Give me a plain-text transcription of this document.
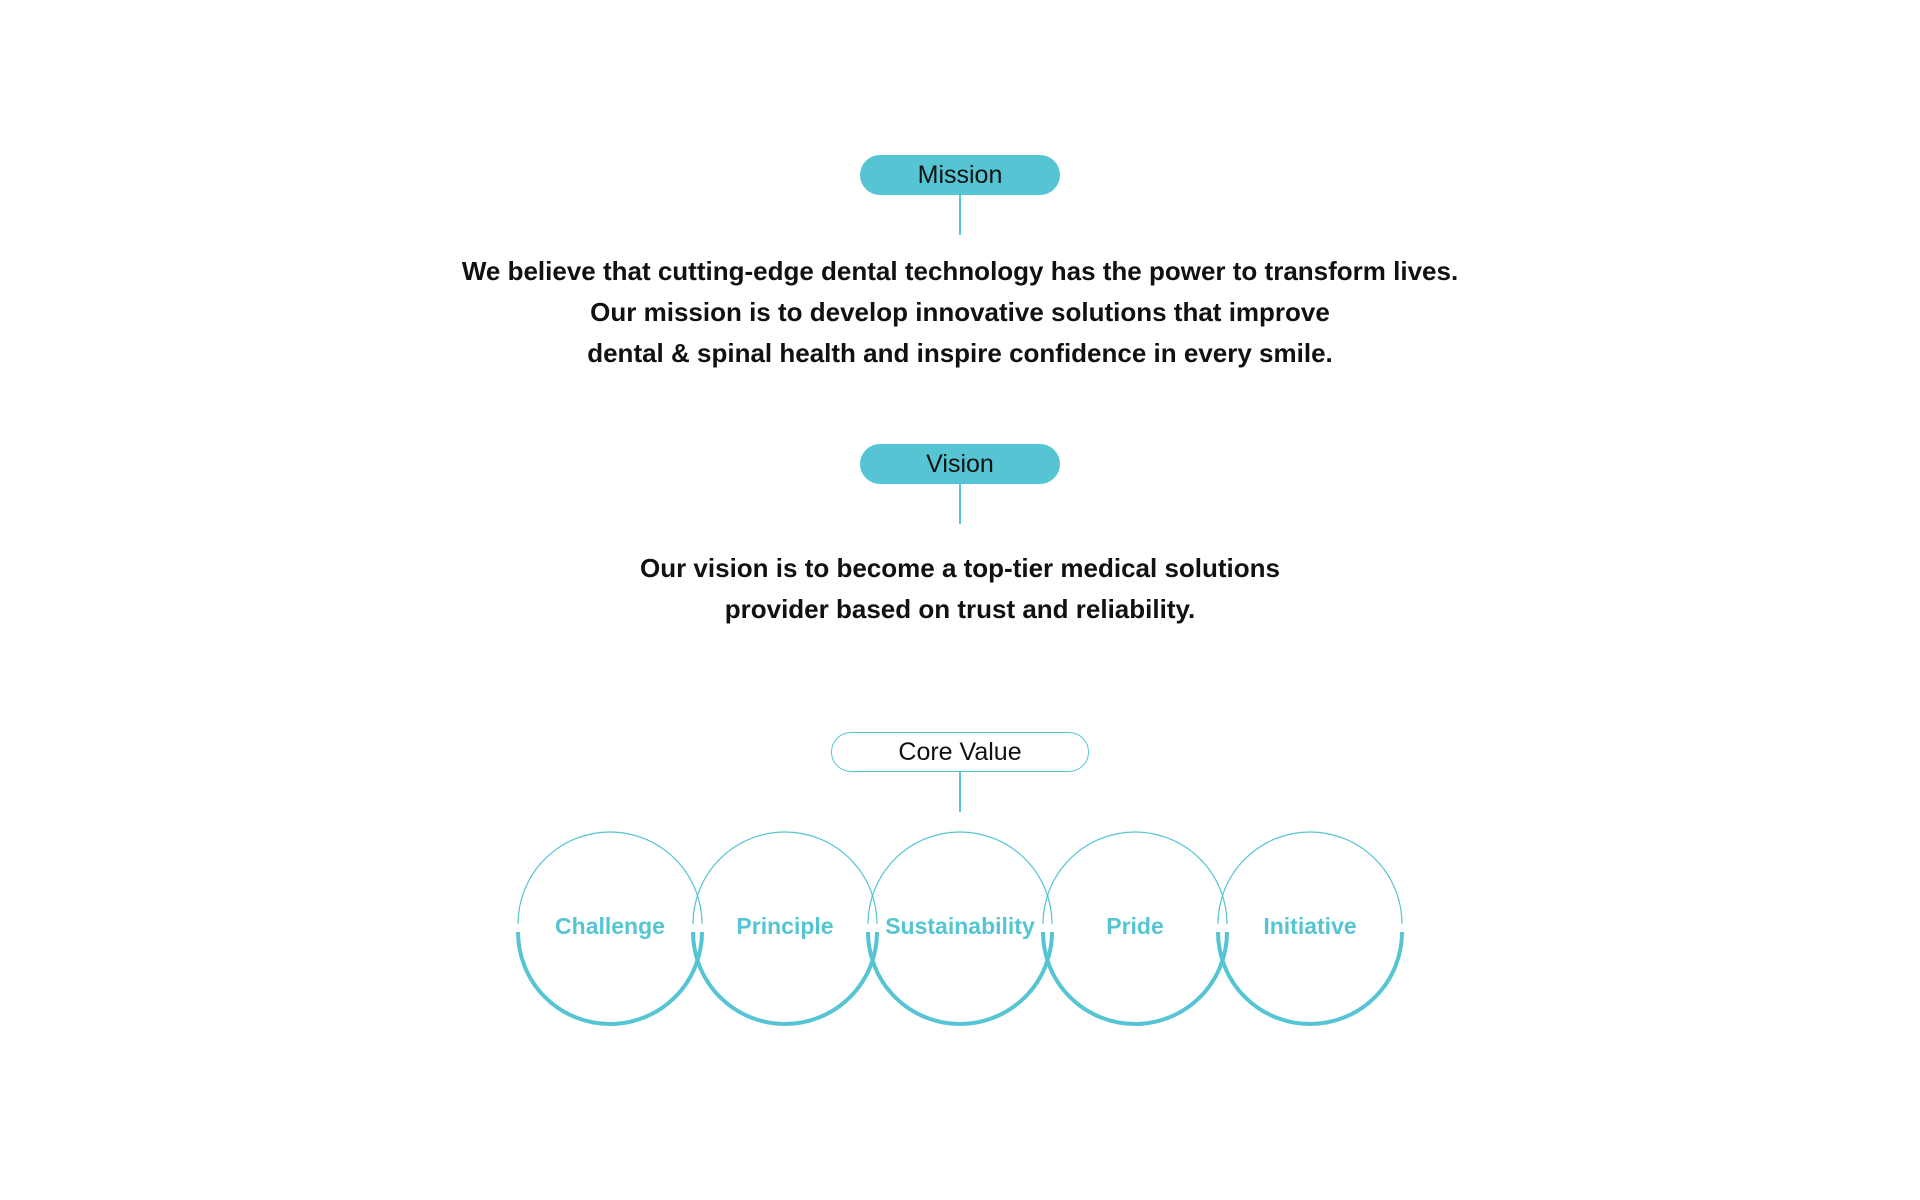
Mission
We believe that cutting-edge dental technology has the power to transform lives.
Our mission is to develop innovative solutions that improve
dental & spinal health and inspire confidence in every smile.
Vision
Our vision is to become a top-tier medical solutions
provider based on trust and reliability.
Core Value
Challenge	Principle Sustainability	Pride	Initiative
